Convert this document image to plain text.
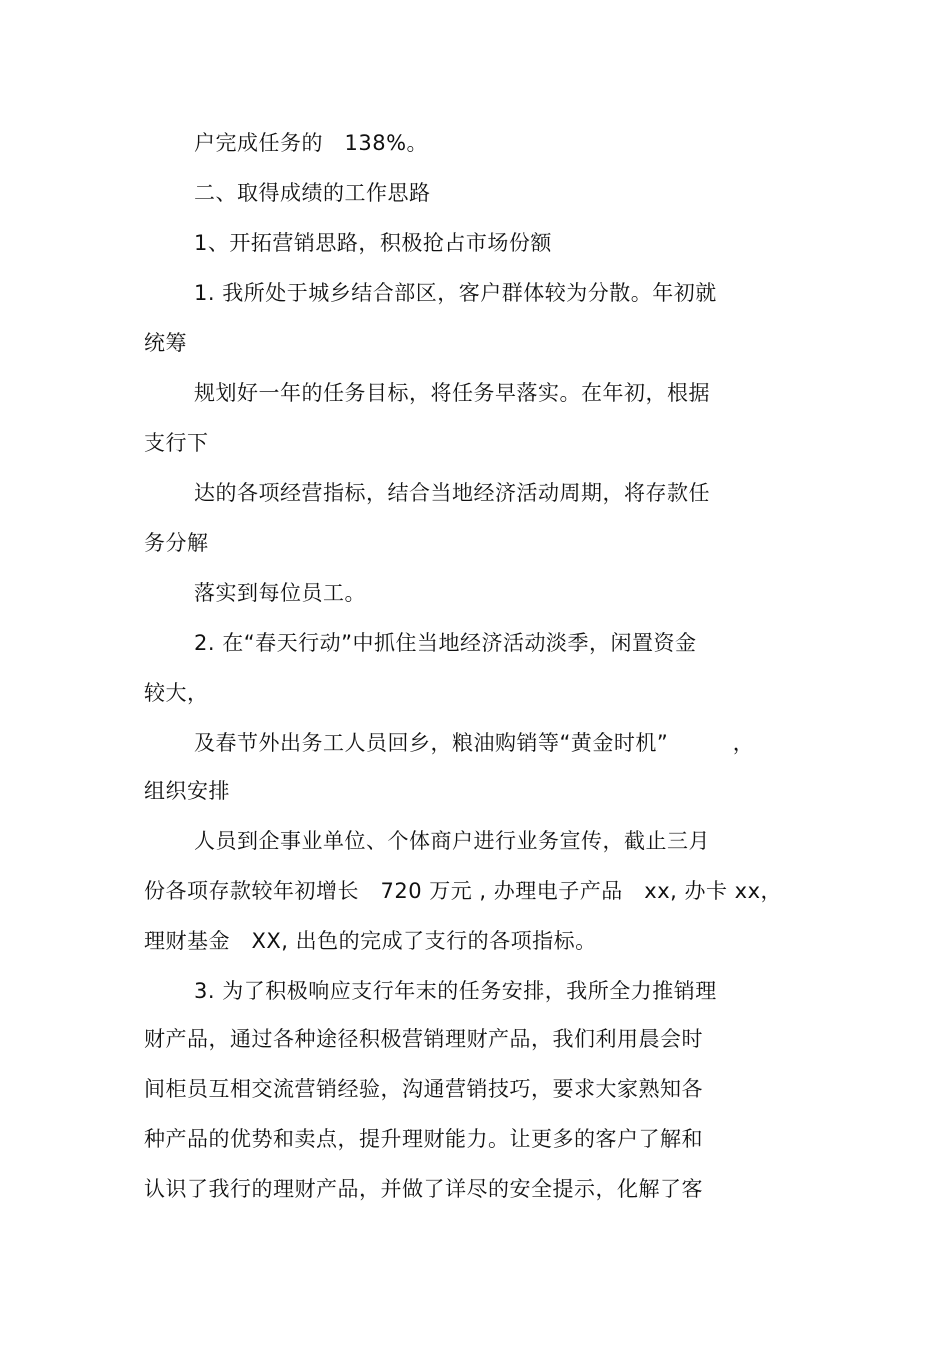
户完成任务的　138%。
二、取得成绩的工作思路
1、开拓营销思路，积极抢占市场份额
1. 我所处于城乡结合部区，客户群体较为分散。年初就
统筹
规划好一年的任务目标，将任务早落实。在年初，根据
支行下
达的各项经营指标，结合当地经济活动周期，将存款任
务分解
落实到每位员工。
2. 在“春天行动”中抓住当地经济活动淡季，闲置资金
较大，
及春节外出务工人员回乡，粮油购销等“黄金时机”　　　，
组织安排
人员到企事业单位、个体商户进行业务宣传，截止三月
份各项存款较年初增长　720 万元 , 办理电子产品　xx, 办卡 xx，
理财基金　XX, 出色的完成了支行的各项指标。
3. 为了积极响应支行年末的任务安排，我所全力推销理
财产品，通过各种途径积极营销理财产品，我们利用晨会时
间柜员互相交流营销经验，沟通营销技巧，要求大家熟知各
种产品的优势和卖点，提升理财能力。让更多的客户了解和
认识了我行的理财产品，并做了详尽的安全提示，化解了客
